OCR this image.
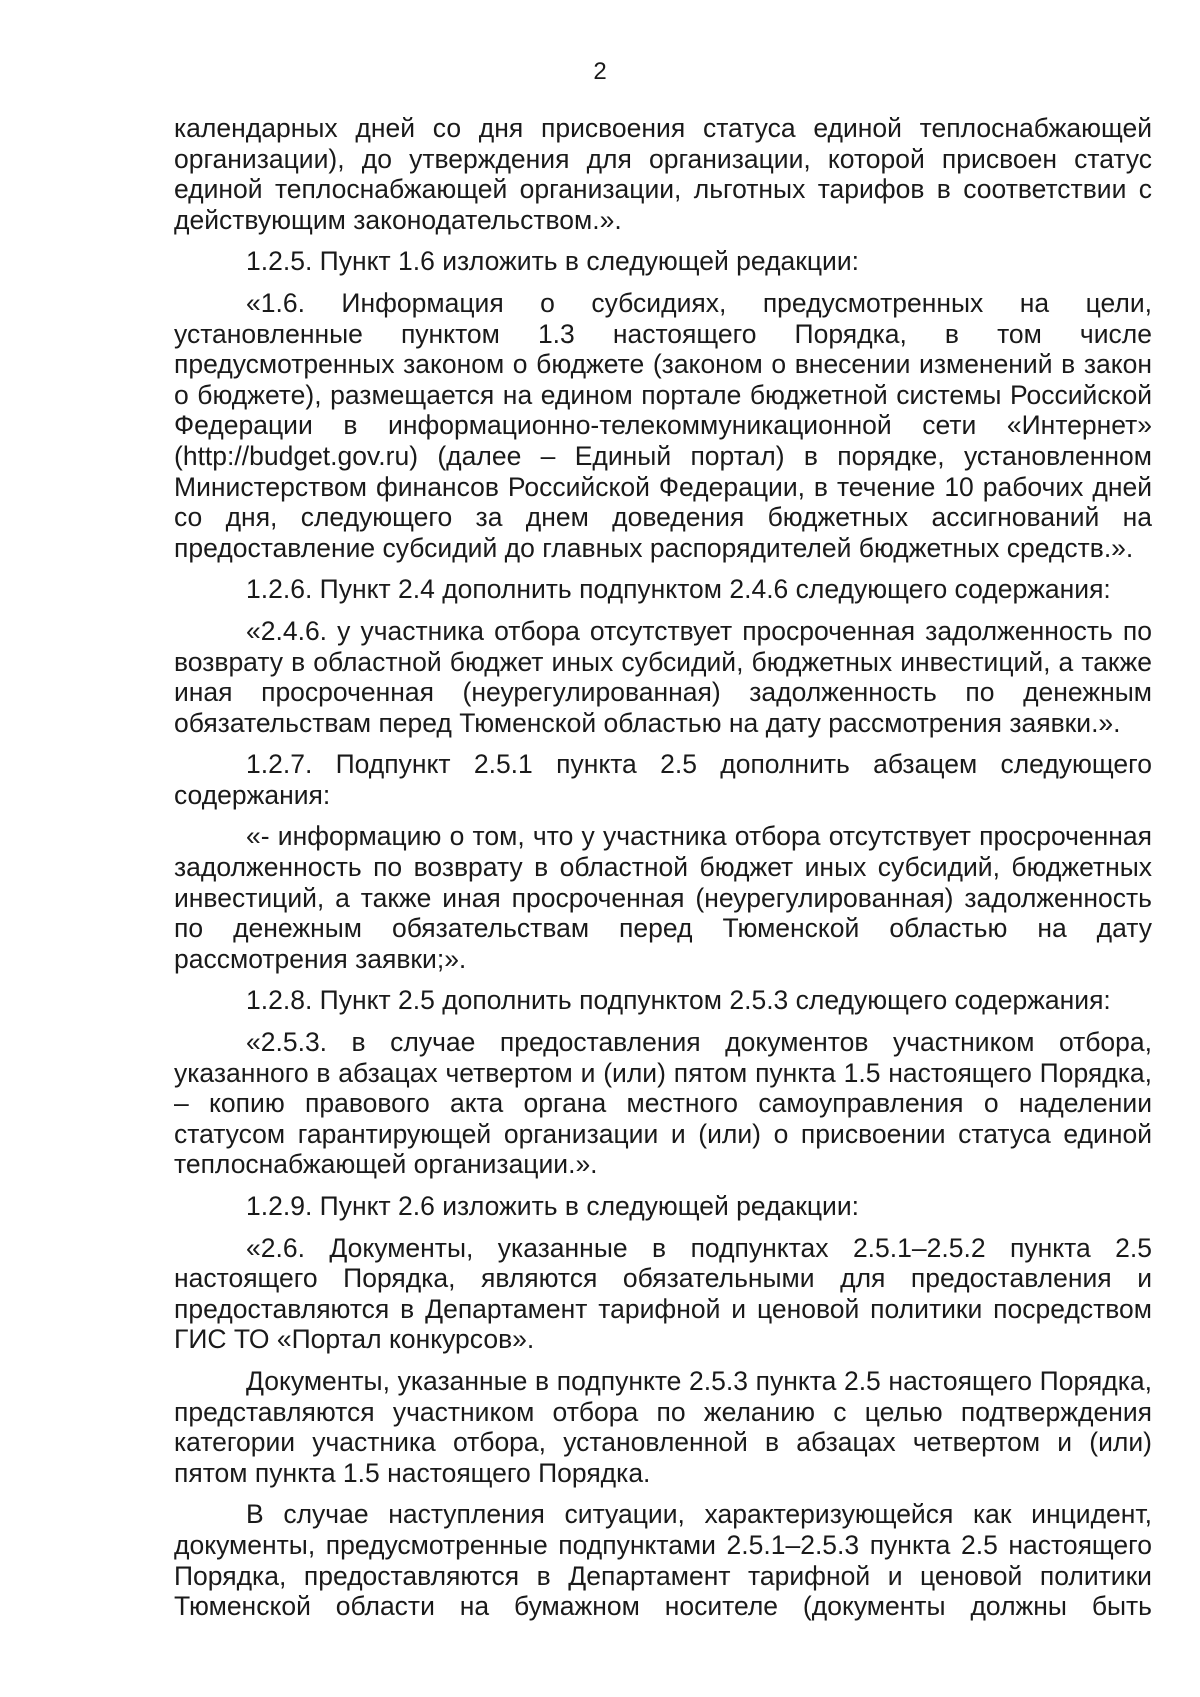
2

календарных дней со дня присвоения статуса единой теплоснабжающей организации), до утверждения для организации, которой присвоен статус единой теплоснабжающей организации, льготных тарифов в соответствии с действующим законодательством.».

1.2.5. Пункт 1.6 изложить в следующей редакции:

«1.6. Информация о субсидиях, предусмотренных на цели, установленные пунктом 1.3 настоящего Порядка, в том числе предусмотренных законом о бюджете (законом о внесении изменений в закон о бюджете), размещается на едином портале бюджетной системы Российской Федерации в информационно-телекоммуникационной сети «Интернет» (http://budget.gov.ru) (далее – Единый портал) в порядке, установленном Министерством финансов Российской Федерации, в течение 10 рабочих дней со дня, следующего за днем доведения бюджетных ассигнований на предоставление субсидий до главных распорядителей бюджетных средств.».

1.2.6. Пункт 2.4 дополнить подпунктом 2.4.6 следующего содержания:

«2.4.6. у участника отбора отсутствует просроченная задолженность по возврату в областной бюджет иных субсидий, бюджетных инвестиций, а также иная просроченная (неурегулированная) задолженность по денежным обязательствам перед Тюменской областью на дату рассмотрения заявки.».

1.2.7. Подпункт 2.5.1 пункта 2.5 дополнить абзацем следующего содержания:

«- информацию о том, что у участника отбора отсутствует просроченная задолженность по возврату в областной бюджет иных субсидий, бюджетных инвестиций, а также иная просроченная (неурегулированная) задолженность по денежным обязательствам перед Тюменской областью на дату рассмотрения заявки;».

1.2.8. Пункт 2.5 дополнить подпунктом 2.5.3 следующего содержания:

«2.5.3. в случае предоставления документов участником отбора, указанного в абзацах четвертом и (или) пятом пункта 1.5 настоящего Порядка, – копию правового акта органа местного самоуправления о наделении статусом гарантирующей организации и (или) о присвоении статуса единой теплоснабжающей организации.».

1.2.9. Пункт 2.6 изложить в следующей редакции:

«2.6. Документы, указанные в подпунктах 2.5.1–2.5.2 пункта 2.5 настоящего Порядка, являются обязательными для предоставления и предоставляются в Департамент тарифной и ценовой политики посредством ГИС ТО «Портал конкурсов».

Документы, указанные в подпункте 2.5.3 пункта 2.5 настоящего Порядка, представляются участником отбора по желанию с целью подтверждения категории участника отбора, установленной в абзацах четвертом и (или) пятом пункта 1.5 настоящего Порядка.

В случае наступления ситуации, характеризующейся как инцидент, документы, предусмотренные подпунктами 2.5.1–2.5.3 пункта 2.5 настоящего Порядка, предоставляются в Департамент тарифной и ценовой политики Тюменской области на бумажном носителе (документы должны быть
